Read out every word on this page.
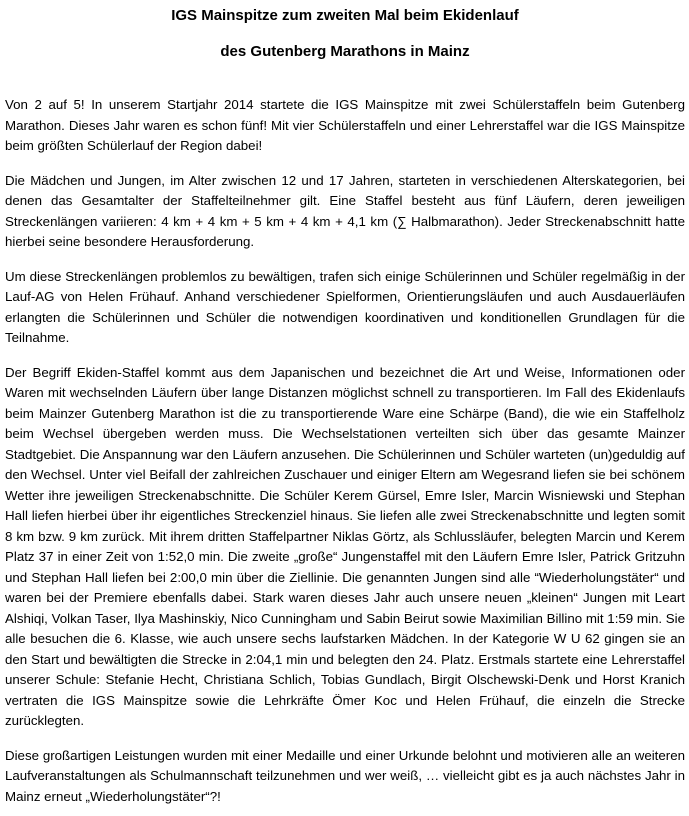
IGS Mainspitze zum zweiten Mal beim Ekidenlauf
des Gutenberg Marathons in Mainz

Von 2 auf 5! In unserem Startjahr 2014 startete die IGS Mainspitze mit zwei Schülerstaffeln beim Gutenberg Marathon. Dieses Jahr waren es schon fünf! Mit vier Schülerstaffeln und einer Lehrerstaffel war die IGS Mainspitze beim größten Schülerlauf der Region dabei!

Die Mädchen und Jungen, im Alter zwischen 12 und 17 Jahren, starteten in verschiedenen Alterskategorien, bei denen das Gesamtalter der Staffelteilnehmer gilt. Eine Staffel besteht aus fünf Läufern, deren jeweiligen Streckenlängen variieren: 4 km + 4 km + 5 km + 4 km + 4,1 km (∑ Halbmarathon). Jeder Streckenabschnitt hatte hierbei seine besondere Herausforderung.

Um diese Streckenlängen problemlos zu bewältigen, trafen sich einige Schülerinnen und Schüler regelmäßig in der Lauf-AG von Helen Frühauf. Anhand verschiedener Spielformen, Orientierungsläufen und auch Ausdauerläufen erlangten die Schülerinnen und Schüler die notwendigen koordinativen und konditionellen Grundlagen für die Teilnahme.

Der Begriff Ekiden-Staffel kommt aus dem Japanischen und bezeichnet die Art und Weise, Informationen oder Waren mit wechselnden Läufern über lange Distanzen möglichst schnell zu transportieren. Im Fall des Ekidenlaufs beim Mainzer Gutenberg Marathon ist die zu transportierende Ware eine Schärpe (Band), die wie ein Staffelholz beim Wechsel übergeben werden muss. Die Wechselstationen verteilten sich über das gesamte Mainzer Stadtgebiet. Die Anspannung war den Läufern anzusehen. Die Schülerinnen und Schüler warteten (un)geduldig auf den Wechsel. Unter viel Beifall der zahlreichen Zuschauer und einiger Eltern am Wegesrand liefen sie bei schönem Wetter ihre jeweiligen Streckenabschnitte. Die Schüler Kerem Gürsel, Emre Isler, Marcin Wisniewski und Stephan Hall liefen hierbei über ihr eigentliches Streckenziel hinaus. Sie liefen alle zwei Streckenabschnitte und legten somit 8 km bzw. 9 km zurück. Mit ihrem dritten Staffelpartner Niklas Görtz, als Schlussläufer, belegten Marcin und Kerem Platz 37 in einer Zeit von 1:52,0 min. Die zweite „große“ Jungenstaffel mit den Läufern Emre Isler, Patrick Gritzuhn und Stephan Hall liefen bei 2:00,0 min über die Ziellinie. Die genannten Jungen sind alle “Wiederholungstäter“ und waren bei der Premiere ebenfalls dabei. Stark waren dieses Jahr auch unsere neuen „kleinen“ Jungen mit Leart Alshiqi, Volkan Taser, Ilya Mashinskiy, Nico Cunningham und Sabin Beirut sowie Maximilian Billino mit 1:59 min. Sie alle besuchen die 6. Klasse, wie auch unsere sechs laufstarken Mädchen. In der Kategorie W U 62 gingen sie an den Start und bewältigten die Strecke in 2:04,1 min und belegten den 24. Platz. Erstmals startete eine Lehrerstaffel unserer Schule: Stefanie Hecht, Christiana Schlich, Tobias Gundlach, Birgit Olschewski-Denk und Horst Kranich vertraten die IGS Mainspitze sowie die Lehrkräfte Ömer Koc und Helen Frühauf, die einzeln die Strecke zurücklegten.

Diese großartigen Leistungen wurden mit einer Medaille und einer Urkunde belohnt und motivieren alle an weiteren Laufveranstaltungen als Schulmannschaft teilzunehmen und wer weiß, … vielleicht gibt es ja auch nächstes Jahr in Mainz erneut „Wiederholungstäter“?!
